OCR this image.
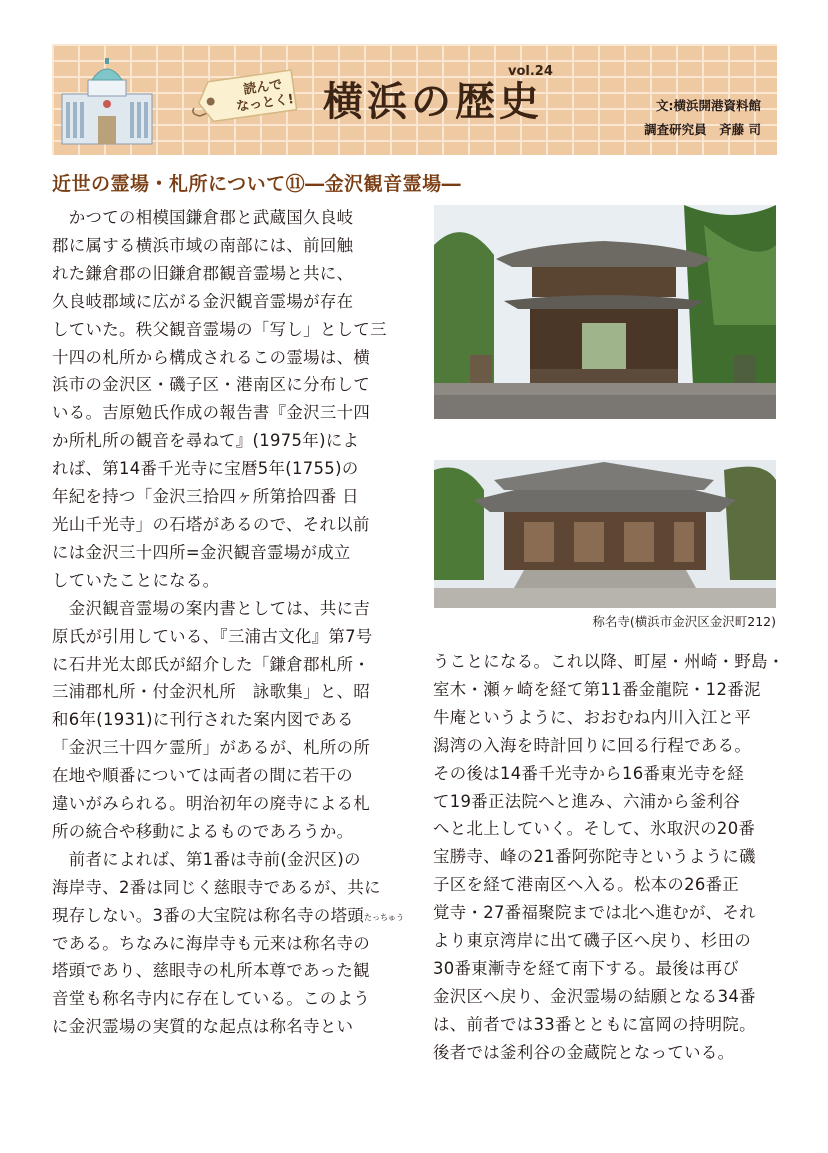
読んで
なっとく! 横浜の歴史
vol.24
文:横浜開港資料館
調査研究員　斉藤 司
近世の霊場・札所について⑪―金沢観音霊場―

　かつての相模国鎌倉郡と武蔵国久良岐

郡に属する横浜市域の南部には、前回触

れた鎌倉郡の旧鎌倉郡観音霊場と共に、

久良岐郡域に広がる金沢観音霊場が存在

していた。秩父観音霊場の「写し」として三

十四の札所から構成されるこの霊場は、横

浜市の金沢区・磯子区・港南区に分布して

いる。吉原勉氏作成の報告書『金沢三十四

か所札所の観音を尋ねて』(1975年)によ

れば、第14番千光寺に宝暦5年(1755)の

年紀を持つ「金沢三拾四ヶ所第拾四番 日

光山千光寺」の石塔があるので、それ以前

には金沢三十四所=金沢観音霊場が成立

していたことになる。

　金沢観音霊場の案内書としては、共に吉

原氏が引用している、『三浦古文化』第7号

に石井光太郎氏が紹介した「鎌倉郡札所・

三浦郡札所・付金沢札所　詠歌集」と、昭

和6年(1931)に刊行された案内図である

「金沢三十四ケ霊所」があるが、札所の所

在地や順番については両者の間に若干の

違いがみられる。明治初年の廃寺による札

所の統合や移動によるものであろうか。

　前者によれば、第1番は寺前(金沢区)の

海岸寺、2番は同じく慈眼寺であるが、共に

現存しない。3番の大宝院は称名寺の塔頭

である。ちなみに海岸寺も元来は称名寺の

塔頭であり、慈眼寺の札所本尊であった観

音堂も称名寺内に存在している。このよう

に金沢霊場の実質的な起点は称名寺とい

たっちゅう
称名寺(横浜市金沢区金沢町212)

うことになる。これ以降、町屋・州崎・野島・

室木・瀬ヶ崎を経て第11番金龍院・12番泥

牛庵というように、おおむね内川入江と平

潟湾の入海を時計回りに回る行程である。

その後は14番千光寺から16番東光寺を経

て19番正法院へと進み、六浦から釜利谷

へと北上していく。そして、氷取沢の20番

宝勝寺、峰の21番阿弥陀寺というように磯

子区を経て港南区へ入る。松本の26番正

覚寺・27番福聚院までは北へ進むが、それ

より東京湾岸に出て磯子区へ戻り、杉田の

30番東漸寺を経て南下する。最後は再び

金沢区へ戻り、金沢霊場の結願となる34番

は、前者では33番とともに富岡の持明院。

後者では釜利谷の金蔵院となっている。
